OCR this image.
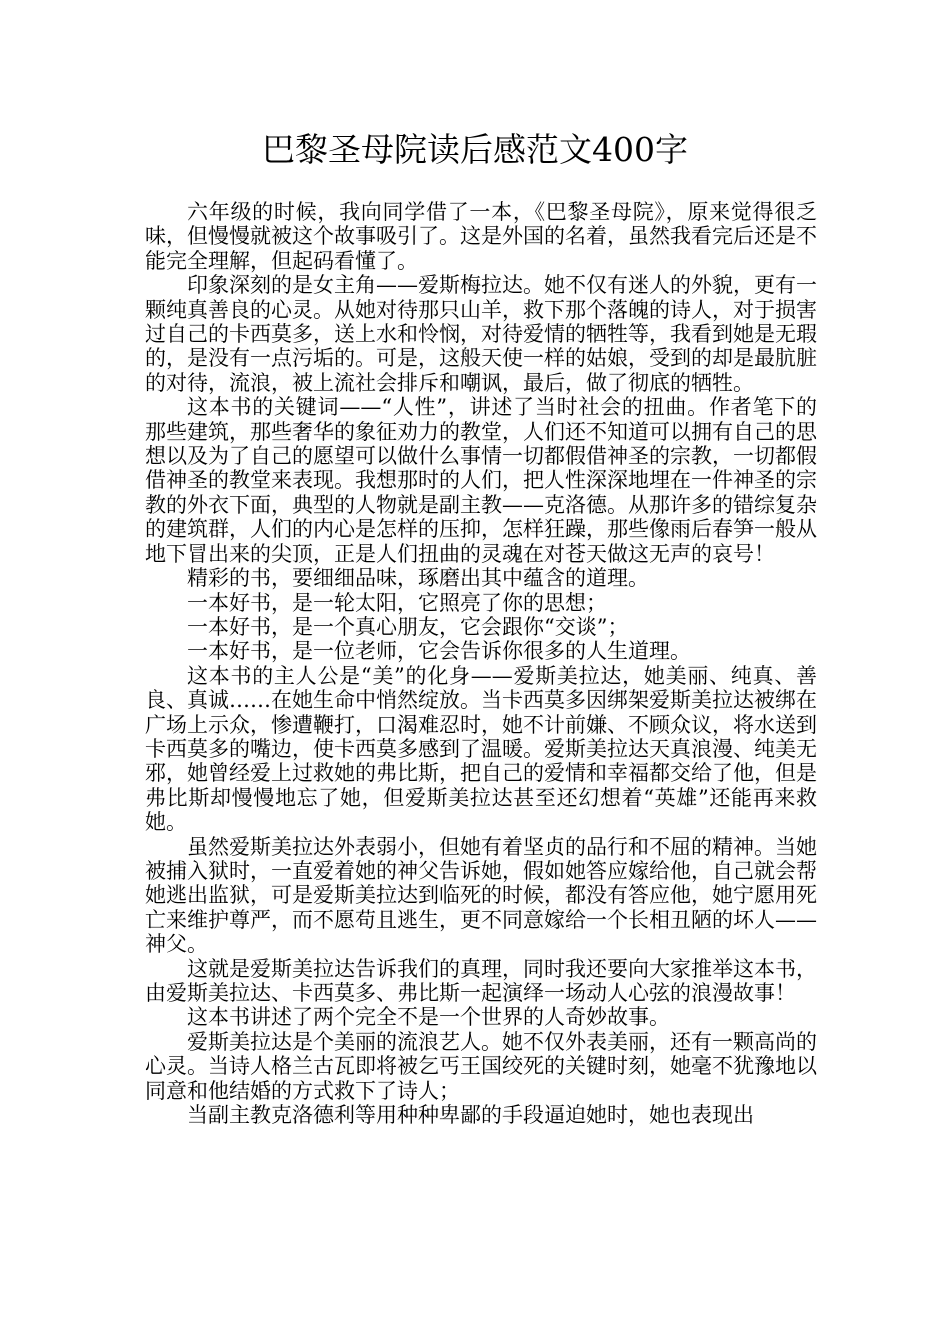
巴黎圣母院读后感范文400字

六年级的时候，我向同学借了一本，《巴黎圣母院》，原来觉得很乏味，但慢慢就被这个故事吸引了。这是外国的名着，虽然我看完后还是不能完全理解，但起码看懂了。

印象深刻的是女主角——爱斯梅拉达。她不仅有迷人的外貌，更有一颗纯真善良的心灵。从她对待那只山羊，救下那个落魄的诗人，对于损害过自己的卡西莫多，送上水和怜悯，对待爱情的牺牲等，我看到她是无瑕的，是没有一点污垢的。可是，这般天使一样的姑娘，受到的却是最肮脏的对待，流浪，被上流社会排斥和嘲讽，最后，做了彻底的牺牲。

这本书的关键词——“人性”，讲述了当时社会的扭曲。作者笔下的那些建筑，那些奢华的象征劝力的教堂，人们还不知道可以拥有自己的思想以及为了自己的愿望可以做什么事情一切都假借神圣的宗教，一切都假借神圣的教堂来表现。我想那时的人们，把人性深深地埋在一件神圣的宗教的外衣下面，典型的人物就是副主教——克洛德。从那许多的错综复杂的建筑群，人们的内心是怎样的压抑，怎样狂躁，那些像雨后春笋一般从地下冒出来的尖顶，正是人们扭曲的灵魂在对苍天做这无声的哀号！

精彩的书，要细细品味，琢磨出其中蕴含的道理。

一本好书，是一轮太阳，它照亮了你的思想；

一本好书，是一个真心朋友，它会跟你“交谈”；

一本好书，是一位老师，它会告诉你很多的人生道理。

这本书的主人公是“美”的化身——爱斯美拉达，她美丽、纯真、善良、真诚……在她生命中悄然绽放。当卡西莫多因绑架爱斯美拉达被绑在广场上示众，惨遭鞭打，口渴难忍时，她不计前嫌、不顾众议，将水送到卡西莫多的嘴边，使卡西莫多感到了温暖。爱斯美拉达天真浪漫、纯美无邪，她曾经爱上过救她的弗比斯，把自己的爱情和幸福都交给了他，但是弗比斯却慢慢地忘了她，但爱斯美拉达甚至还幻想着“英雄”还能再来救她。

虽然爱斯美拉达外表弱小，但她有着坚贞的品行和不屈的精神。当她被捕入狱时，一直爱着她的神父告诉她，假如她答应嫁给他，自己就会帮她逃出监狱，可是爱斯美拉达到临死的时候，都没有答应他，她宁愿用死亡来维护尊严，而不愿苟且逃生，更不同意嫁给一个长相丑陋的坏人——神父。

这就是爱斯美拉达告诉我们的真理，同时我还要向大家推举这本书，由爱斯美拉达、卡西莫多、弗比斯一起演绎一场动人心弦的浪漫故事！

这本书讲述了两个完全不是一个世界的人奇妙故事。

爱斯美拉达是个美丽的流浪艺人。她不仅外表美丽，还有一颗高尚的心灵。当诗人格兰古瓦即将被乞丐王国绞死的关键时刻，她毫不犹豫地以同意和他结婚的方式救下了诗人；

当副主教克洛德利等用种种卑鄙的手段逼迫她时，她也表现出
